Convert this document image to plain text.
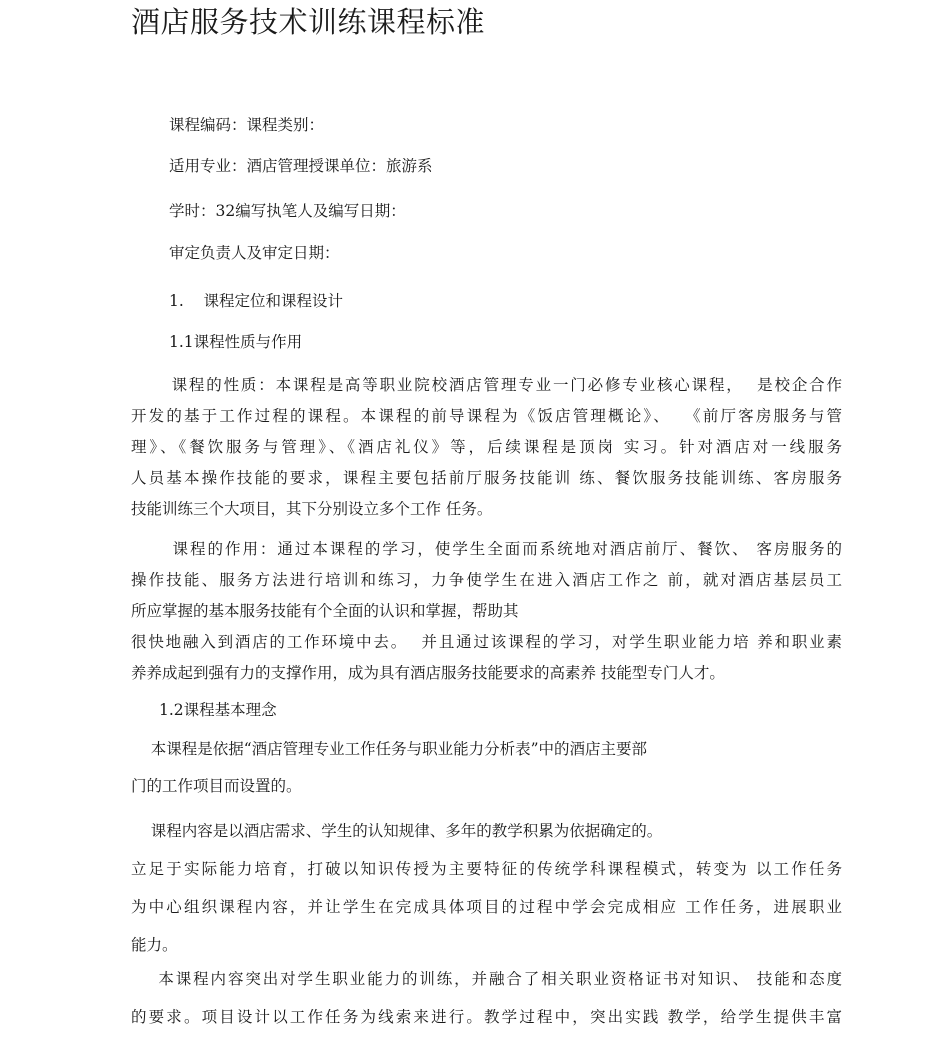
酒店服务技术训练课程标准
课程编码：课程类别：
适用专业：酒店管理授课单位：旅游系
学时：32编写执笔人及编写日期：
审定负责人及审定日期：
1.    课程定位和课程设计
1.1课程性质与作用
课程的性质：本课程是高等职业院校酒店管理专业一门必修专业核心课程，  是校企合作
开发的基于工作过程的课程。本课程的前导课程为《饭店管理概论》、  《前厅客房服务与管
理》、《餐饮服务与管理》、《酒店礼仪》等，后续课程是顶岗 实习。针对酒店对一线服务
人员基本操作技能的要求，课程主要包括前厅服务技能训 练、餐饮服务技能训练、客房服务
技能训练三个大项目，其下分别设立多个工作 任务。
课程的作用：通过本课程的学习，使学生全面而系统地对酒店前厅、餐饮、 客房服务的
操作技能、服务方法进行培训和练习，力争使学生在进入酒店工作之 前，就对酒店基层员工
所应掌握的基本服务技能有个全面的认识和掌握，帮助其
很快地融入到酒店的工作环境中去。  并且通过该课程的学习，对学生职业能力培 养和职业素
养养成起到强有力的支撑作用，成为具有酒店服务技能要求的高素养 技能型专门人才。
1.2课程基本理念
本课程是依据“酒店管理专业工作任务与职业能力分析表”中的酒店主要部
门的工作项目而设置的。
课程内容是以酒店需求、学生的认知规律、多年的教学积累为依据确定的。
立足于实际能力培育，打破以知识传授为主要特征的传统学科课程模式，转变为 以工作任务
为中心组织课程内容，并让学生在完成具体项目的过程中学会完成相应 工作任务，进展职业
能力。
本课程内容突出对学生职业能力的训练，并融合了相关职业资格证书对知识、 技能和态度
的要求。项目设计以工作任务为线索来进行。教学过程中，突出实践 教学，给学生提供丰富
